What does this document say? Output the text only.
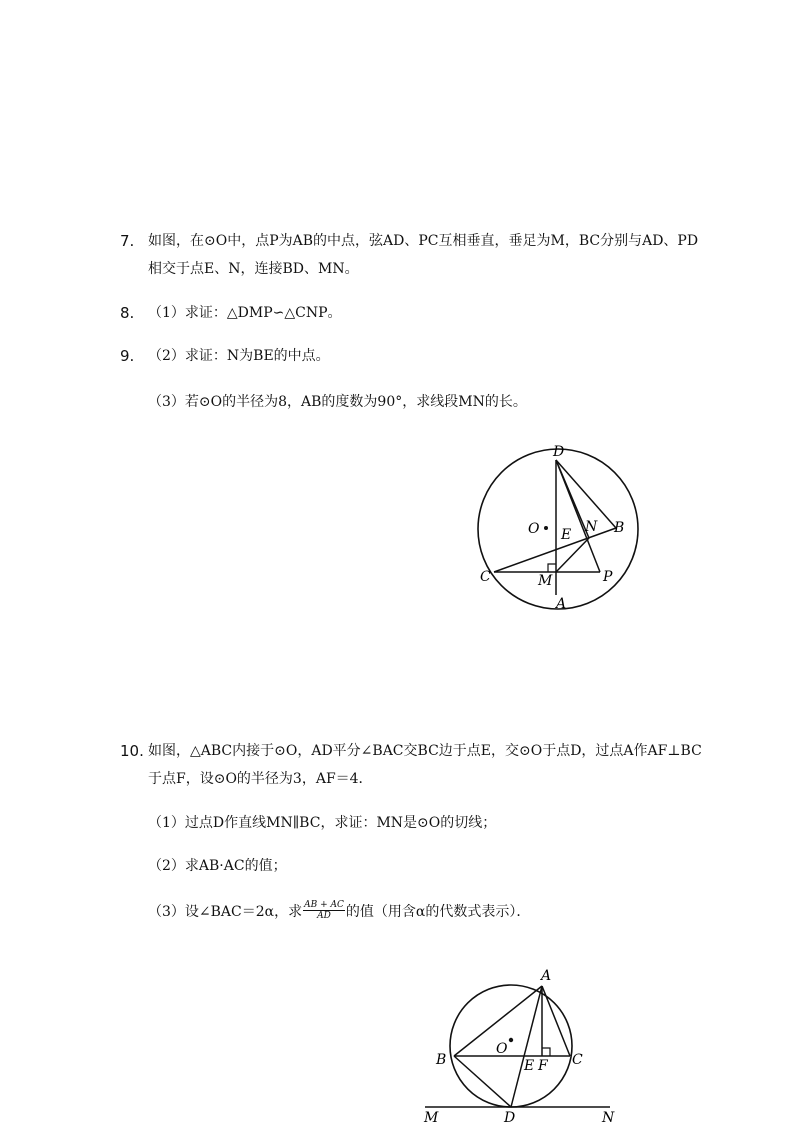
7. 如图，在⊙O中，点P为AB的中点，弦AD、PC互相垂直，垂足为M，BC分别与AD、PD
相交于点E、N，连接BD、MN。
8. （1）求证：△DMP∽△CNP。
9. （2）求证：N为BE的中点。
（3）若⊙O的半径为8，AB的度数为90°，求线段MN的长。
D
O E N B
C	M	P
A
10. 如图，△ABC内接于⊙O，AD平分∠BAC交BC边于点E，交⊙O于点D，过点A作AF⊥BC
于点F，设⊙O的半径为3，AF＝4．
（1）过点D作直线MN∥BC，求证：MN是⊙O的切线；
（2）求AB·AC的值；
（3）设∠BAC＝2α，求 $\frac{AB + AC}{AD}$ 的值（用含α的代数式表示）．
A
O
B	C
E F
M	D	N
